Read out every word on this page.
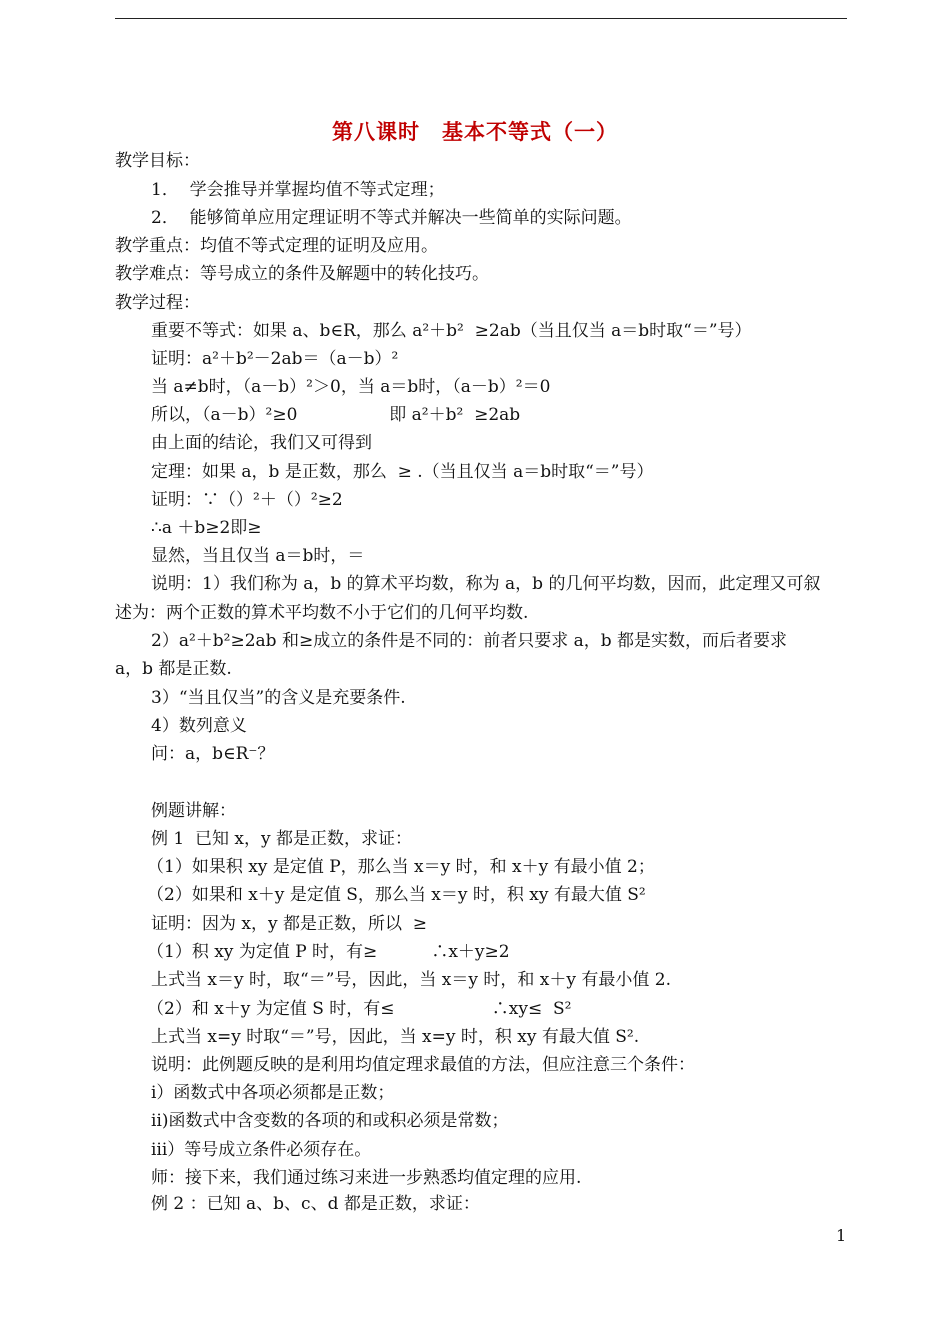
第八课时　基本不等式（一）
教学目标：
1．  学会推导并掌握均值不等式定理；
2．  能够简单应用定理证明不等式并解决一些简单的实际问题。
教学重点：均值不等式定理的证明及应用。
教学难点：等号成立的条件及解题中的转化技巧。
教学过程：
重要不等式：如果 a、b∈R，那么 a²＋b²  ≥2ab（当且仅当 a＝b时取“＝”号）
证明：a²＋b²－2ab＝（a－b）²
当 a≠b时，（a－b）²＞0，当 a＝b时，（a－b）²＝0
所以，（a－b）²≥0                 即 a²＋b²  ≥2ab
由上面的结论，我们又可得到
定理：如果 a，b 是正数，那么  ≥ .（当且仅当 a＝b时取“＝”号）
证明：∵（）²＋（）²≥2
∴a ＋b≥2即≥
显然，当且仅当 a＝b时，＝
说明：1）我们称为 a，b 的算术平均数，称为 a，b 的几何平均数，因而，此定理又可叙
述为：两个正数的算术平均数不小于它们的几何平均数.
2）a²＋b²≥2ab 和≥成立的条件是不同的：前者只要求 a，b 都是实数，而后者要求
a，b 都是正数.
3）“当且仅当”的含义是充要条件.
4）数列意义
问：a，b∈R⁻？
例题讲解：
例 1  已知 x，y 都是正数，求证：
（1）如果积 xy 是定值 P，那么当 x＝y 时，和 x＋y 有最小值 2；
（2）如果和 x＋y 是定值 S，那么当 x＝y 时，积 xy 有最大值 S²
证明：因为 x，y 都是正数，所以  ≥
（1）积 xy 为定值 P 时，有≥          ∴x＋y≥2
上式当 x＝y 时，取“＝”号，因此，当 x＝y 时，和 x＋y 有最小值 2.
（2）和 x＋y 为定值 S 时，有≤                  ∴xy≤  S²
上式当 x=y 时取“＝”号，因此，当 x=y 时，积 xy 有最大值 S².
说明：此例题反映的是利用均值定理求最值的方法，但应注意三个条件：
ⅰ）函数式中各项必须都是正数；
ⅱ)函数式中含变数的各项的和或积必须是常数；
ⅲ）等号成立条件必须存在。
师：接下来，我们通过练习来进一步熟悉均值定理的应用.
例 2 ：已知 a、b、c、d 都是正数，求证：
1
